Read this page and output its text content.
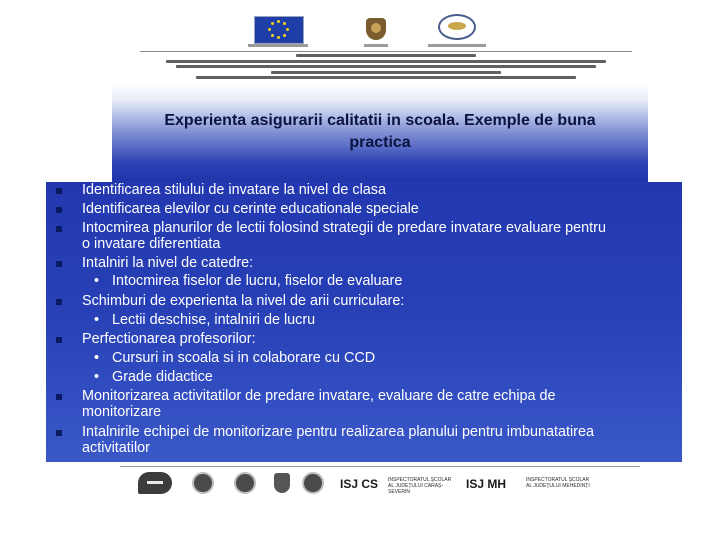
Experienta asigurarii calitatii in scoala. Exemple de buna
practica
Identificarea stilului de invatare la nivel de clasa
Identificarea elevilor cu cerinte educationale speciale
Intocmirea planurilor de lectii folosind strategii de predare invatare evaluare pentru
o invatare diferentiata
Intalniri la nivel de catedre:
• Intocmirea fiselor de lucru, fiselor de evaluare
Schimburi de experienta la nivel de arii curriculare:
• Lectii deschise, intalniri de lucru
Perfectionarea profesorilor:
• Cursuri in scoala si in colaborare cu CCD
• Grade didactice
Monitorizarea activitatilor de predare invatare, evaluare de catre echipa de
monitorizare
Intalnirile echipei de monitorizare pentru realizarea planului pentru imbunatatirea
activitatilor
ISJ CS INSPECTORATUL ȘCOLAR
AL JUDEȚULUI CARAȘ-SEVERIN
ISJ MH	INSPECTORATUL ȘCOLAR
AL JUDEȚULUI MEHEDINȚI
